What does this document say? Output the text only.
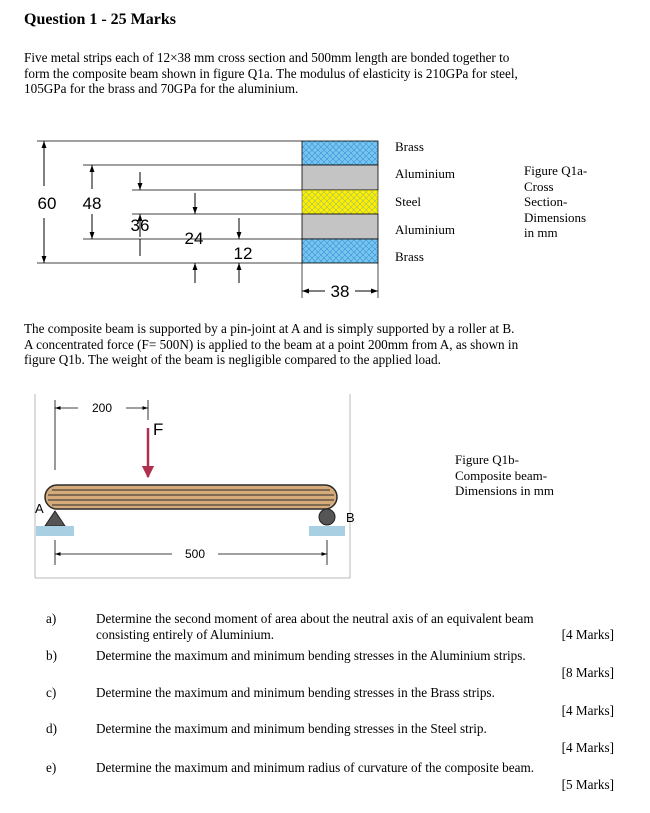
Question 1 - 25 Marks

Five metal strips each of 12×38 mm cross section and 500mm length are bonded together to
form the composite beam shown in figure Q1a. The modulus of elasticity is 210GPa for steel,
105GPa for the brass and 70GPa for the aluminium.

60 48
36
24
12
38
Brass
Aluminium
Steel
Aluminium
Brass
Figure Q1a-
Cross
Section-
Dimensions
in mm

The composite beam is supported by a pin-joint at A and is simply supported by a roller at B.
A concentrated force (F= 500N) is applied to the beam at a point 200mm from A, as shown in
figure Q1b. The weight of the beam is negligible compared to the applied load.

200
F
A
B
500
Figure Q1b-
Composite beam-
Dimensions in mm
a)	Determine the second moment of area about the neutral axis of an equivalent beam
consisting entirely of Aluminium.	[4 Marks]
b)	Determine the maximum and minimum bending stresses in the Aluminium strips.
[8 Marks]
c)	Determine the maximum and minimum bending stresses in the Brass strips.
[4 Marks]
d)	Determine the maximum and minimum bending stresses in the Steel strip.
[4 Marks]
e)	Determine the maximum and minimum radius of curvature of the composite beam.
[5 Marks]
